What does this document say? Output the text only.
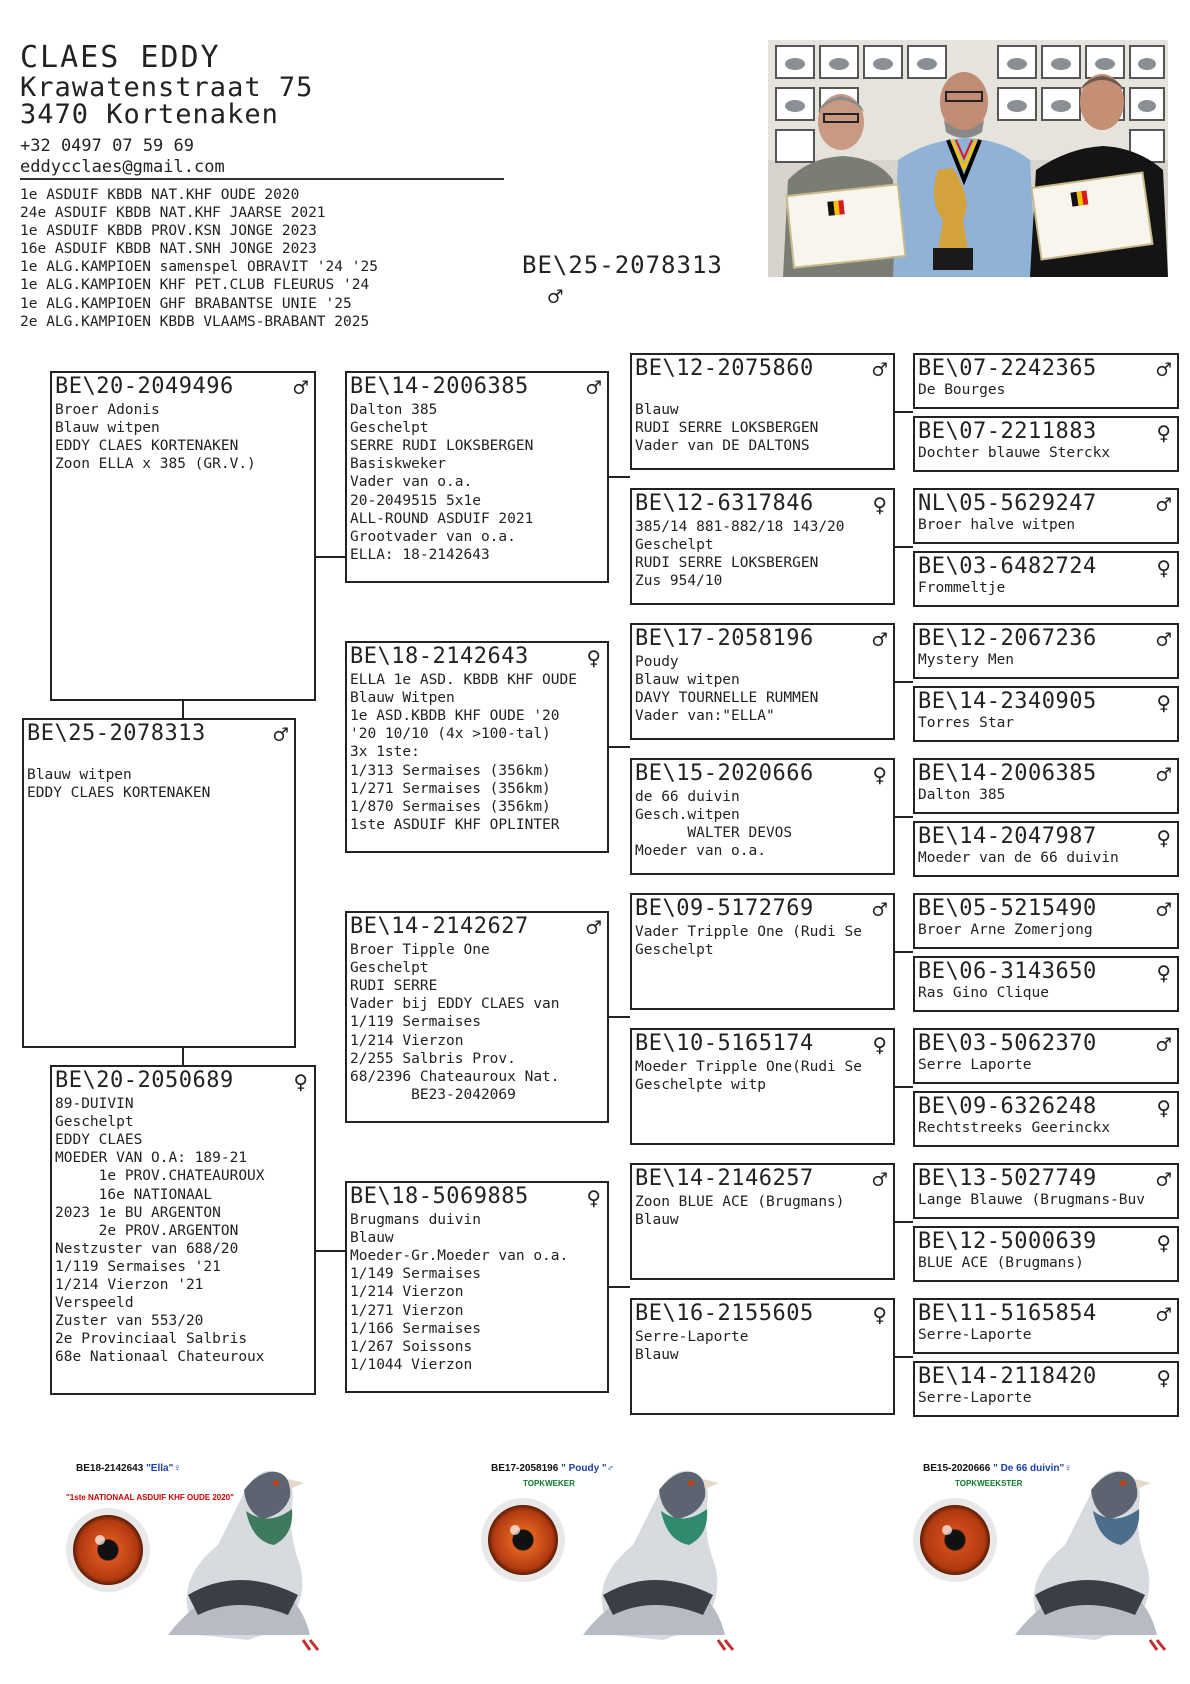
CLAES EDDY
Krawatenstraat 75
3470 Kortenaken
+32 0497 07 59 69
eddycclaes@gmail.com
1e ASDUIF KBDB NAT.KHF OUDE 2020
24e ASDUIF KBDB NAT.KHF JAARSE 2021
1e ASDUIF KBDB PROV.KSN JONGE 2023
16e ASDUIF KBDB NAT.SNH JONGE 2023
1e ALG.KAMPIOEN samenspel OBRAVIT '24 '25
1e ALG.KAMPIOEN KHF PET.CLUB FLEURUS '24
1e ALG.KAMPIOEN GHF BRABANTSE UNIE '25
2e ALG.KAMPIOEN KBDB VLAAMS-BRABANT 2025
BE\25-2078313
♂
BE\25-2078313	♂
Blauw witpen
EDDY CLAES KORTENAKEN
BE\20-2049496 ♂
Broer Adonis
Blauw witpen
EDDY CLAES KORTENAKEN
Zoon ELLA x 385 (GR.V.)
BE\20-2050689 ♀
89-DUIVIN
Geschelpt
EDDY CLAES
MOEDER VAN O.A: 189-21
1e PROV.CHATEAUROUX
16e NATIONAAL
2023 1e BU ARGENTON
2e PROV.ARGENTON
Nestzuster van 688/20
1/119 Sermaises '21
1/214 Vierzon '21
Verspeeld
Zuster van 553/20
2e Provinciaal Salbris
68e Nationaal Chateuroux
BE\14-2006385 ♂
Dalton 385
Geschelpt
SERRE RUDI LOKSBERGEN
Basiskweker
Vader van o.a.
20-2049515 5x1e
ALL-ROUND ASDUIF 2021
Grootvader van o.a.
ELLA: 18-2142643
BE\18-2142643 ♀
ELLA 1e ASD. KBDB KHF OUDE
Blauw Witpen
1e ASD.KBDB KHF OUDE '20
'20 10/10 (4x >100-tal)
3x 1ste:
1/313 Sermaises (356km)
1/271 Sermaises (356km)
1/870 Sermaises (356km)
1ste ASDUIF KHF OPLINTER
BE\14-2142627 ♂
Broer Tipple One
Geschelpt
RUDI SERRE
Vader bij EDDY CLAES van
1/119 Sermaises
1/214 Vierzon
2/255 Salbris Prov.
68/2396 Chateauroux Nat.
BE23-2042069
BE\18-5069885 ♀
Brugmans duivin
Blauw
Moeder-Gr.Moeder van o.a.
1/149 Sermaises
1/214 Vierzon
1/271 Vierzon
1/166 Sermaises
1/267 Soissons
1/1044 Vierzon
BE\12-2075860 ♂
Blauw
RUDI SERRE LOKSBERGEN
Vader van DE DALTONS
BE\12-6317846 ♀
385/14 881-882/18 143/20
Geschelpt
RUDI SERRE LOKSBERGEN
Zus 954/10
BE\17-2058196 ♂
Poudy
Blauw witpen
DAVY TOURNELLE RUMMEN
Vader van:"ELLA"
BE\15-2020666 ♀
de 66 duivin
Gesch.witpen
WALTER DEVOS
Moeder van o.a.
BE\09-5172769 ♂
Vader Tripple One (Rudi Se
Geschelpt
BE\10-5165174 ♀
Moeder Tripple One(Rudi Se
Geschelpte witp
BE\14-2146257 ♂
Zoon BLUE ACE (Brugmans)
Blauw
BE\16-2155605 ♀
Serre-Laporte
Blauw
BE\07-2242365 ♂
De Bourges
BE\07-2211883 ♀
Dochter blauwe Sterckx
NL\05-5629247 ♂
Broer halve witpen
BE\03-6482724 ♀
Frommeltje
BE\12-2067236 ♂
Mystery Men
BE\14-2340905 ♀
Torres Star
BE\14-2006385 ♂
Dalton 385
BE\14-2047987 ♀
Moeder van de 66 duivin
BE\05-5215490 ♂
Broer Arne Zomerjong
BE\06-3143650 ♀
Ras Gino Clique
BE\03-5062370 ♂
Serre Laporte
BE\09-6326248 ♀
Rechtstreeks Geerinckx
BE\13-5027749 ♂
Lange Blauwe (Brugmans-Buv
BE\12-5000639 ♀
BLUE ACE (Brugmans)
BE\11-5165854 ♂
Serre-Laporte
BE\14-2118420 ♀
Serre-Laporte
BE18-2142643 "Ella"♀
"1ste NATIONAAL ASDUIF KHF OUDE 2020"
BE17-2058196 " Poudy "♂
TOPKWEKER
BE15-2020666 " De 66 duivin"♀
TOPKWEEKSTER
